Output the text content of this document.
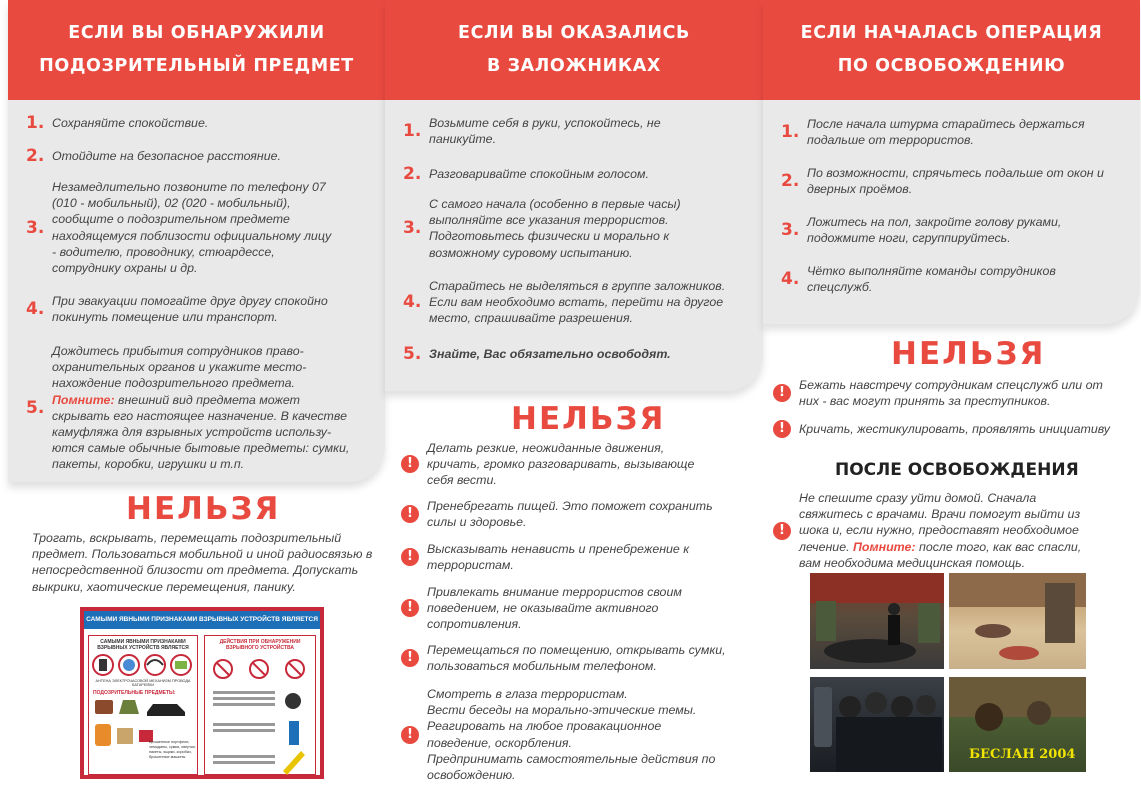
ЕСЛИ ВЫ ОБНАРУЖИЛИ
ПОДОЗРИТЕЛЬНЫЙ ПРЕДМЕТ
1. Сохраняйте спокойствие.
2. Отойдите на безопасное расстояние.
3.
Незамедлительно позвоните по телефону 07
(010 - мобильный), 02 (020 - мобильный),
сообщите о подозрительном предмете
находящемуся поблизости официальному лицу
- водителю, проводнику, стюардессе,
сотруднику охраны и др.
4. При эвакуации помогайте друг другу спокойно
покинуть помещение или транспорт.
5.
Дождитесь прибытия сотрудников право-
охранительных органов и укажите место-
нахождение подозрительного предмета.
Помните: внешний вид предмета может
скрывать его настоящее назначение. В качестве
камуфляжа для взрывных устройств использу-
ются самые обычные бытовые предметы: сумки,
пакеты, коробки, игрушки и т.п.
НЕЛЬЗЯ
Трогать, вскрывать, перемещать подозрительный
предмет. Пользоваться мобильной и иной радиосвязью в
непосредственной близости от предмета. Допускать
выкрики, хаотические перемещения, панику.
САМЫМИ ЯВНЫМИ ПРИЗНАКАМИ ВЗРЫВНЫХ УСТРОЙСТВ ЯВЛЯЕТСЯ
САМЫМИ ЯВНЫМИ ПРИЗНАКАМИ ВЗРЫВНЫХ УСТРОЙСТВ ЯВЛЯЕТСЯ
АНТЕНА ЭЛЕКТРОЧАСОВОЙ МЕХАНИЗМ ПРОВОДА БАТАРЕЙКИ
ПОДОЗРИТЕЛЬНЫЕ ПРЕДМЕТЫ:
Брошенные портфели, чемоданы, сумки, свертки, пакеты, ящики, коробки, брошенные машины
ДЕЙСТВИЯ ПРИ ОБНАРУЖЕНИИ ВЗРЫВНОГО УСТРОЙСТВА
ЕСЛИ ВЫ ОКАЗАЛИСЬ
В ЗАЛОЖНИКАХ
1. Возьмите себя в руки, успокойтесь, не
паникуйте.
2. Разговаривайте спокойным голосом.
3.
С самого начала (особенно в первые часы)
выполняйте все указания террористов.
Подготовьтесь физически и морально к
возможному суровому испытанию.
4.
Старайтесь не выделяться в группе заложников.
Если вам необходимо встать, перейти на другое
место, спрашивайте разрешения.
5. Знайте, Вас обязательно освободят.
НЕЛЬЗЯ
!
Делать резкие, неожиданные движения,
кричать, громко разговаривать, вызывающе
себя вести.
!
Пренебрегать пищей. Это поможет сохранить
силы и здоровье.
!
Высказывать ненависть и пренебрежение к
террористам.
!
Привлекать внимание террористов своим
поведением, не оказывайте активного
сопротивления.
!
Перемещаться по помещению, открывать сумки,
пользоваться мобильным телефоном.
!
Смотреть в глаза террористам.
Вести беседы на морально-этические темы.
Реагировать на любое провакационное
поведение, оскорбления.
Предпринимать самостоятельные действия по
освобождению.
ЕСЛИ НАЧАЛАСЬ ОПЕРАЦИЯ
ПО ОСВОБОЖДЕНИЮ
1. После начала штурма старайтесь держаться
подальше от террористов.
2. По возможности, спрячьтесь подальше от окон и
дверных проёмов.
3. Ложитесь на пол, закройте голову руками,
подожмите ноги, сгруппируйтесь.
4. Чётко выполняйте команды сотрудников
спецслужб.
НЕЛЬЗЯ
!
Бежать навстречу сотрудникам спецслужб или от
них - вас могут принять за преступников.
!	Кричать, жестикулировать, проявлять инициативу
ПОСЛЕ ОСВОБОЖДЕНИЯ
!
Не спешите сразу уйти домой. Сначала
свяжитесь с врачами. Врачи помогут выйти из
шока и, если нужно, предоставят необходимое
лечение. Помните: после того, как вас спасли,
вам необходима медицинская помощь.
БЕСЛАН 2004
